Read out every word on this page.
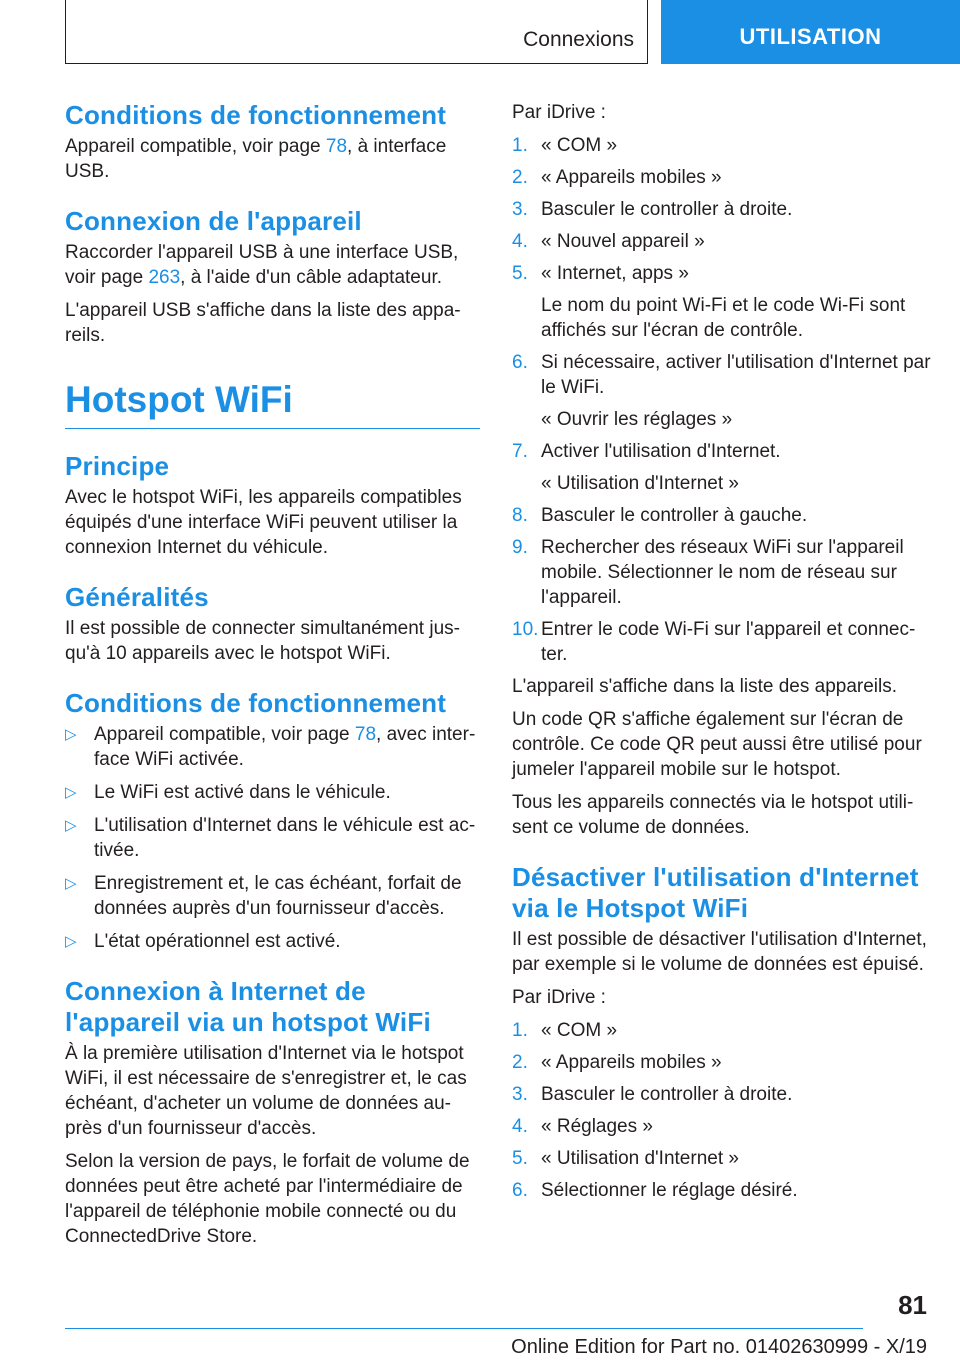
Connexions	UTILISATION
Conditions de fonctionnement

Appareil compatible, voir page 78, à interface USB.

Connexion de l'appareil

Raccorder l'appareil USB à une interface USB, voir page 263, à l'aide d'un câble adaptateur.

L'appareil USB s'affiche dans la liste des appa-reils.

Hotspot WiFi
Principe

Avec le hotspot WiFi, les appareils compatibles équipés d'une interface WiFi peuvent utiliser la connexion Internet du véhicule.

Généralités

Il est possible de connecter simultanément jus-qu'à 10 appareils avec le hotspot WiFi.

Conditions de fonctionnement
▷ Appareil compatible, voir page 78, avec inter-face WiFi activée.
▷ Le WiFi est activé dans le véhicule.
▷ L'utilisation d'Internet dans le véhicule est ac-tivée.
▷ Enregistrement et, le cas échéant, forfait de données auprès d'un fournisseur d'accès.
▷ L'état opérationnel est activé.
Connexion à Internet de l'appareil via un hotspot WiFi

À la première utilisation d'Internet via le hotspot WiFi, il est nécessaire de s'enregistrer et, le cas échéant, d'acheter un volume de données au-près d'un fournisseur d'accès.

Selon la version de pays, le forfait de volume de données peut être acheté par l'intermédiaire de l'appareil de téléphonie mobile connecté ou du ConnectedDrive Store.

Par iDrive :

1. « COM »
2. « Appareils mobiles »
3. Basculer le controller à droite.
4. « Nouvel appareil »
5. « Internet, apps »
Le nom du point Wi-Fi et le code Wi-Fi sont affichés sur l'écran de contrôle.
6. Si nécessaire, activer l'utilisation d'Internet par le WiFi.
« Ouvrir les réglages »
7. Activer l'utilisation d'Internet.
« Utilisation d'Internet »
8. Basculer le controller à gauche.
9. Rechercher des réseaux WiFi sur l'appareil mobile. Sélectionner le nom de réseau sur l'appareil.
10. Entrer le code Wi-Fi sur l'appareil et connec-ter.

L'appareil s'affiche dans la liste des appareils.

Un code QR s'affiche également sur l'écran de contrôle. Ce code QR peut aussi être utilisé pour jumeler l'appareil mobile sur le hotspot.

Tous les appareils connectés via le hotspot utili-sent ce volume de données.

Désactiver l'utilisation d'Internet via le Hotspot WiFi

Il est possible de désactiver l'utilisation d'Internet, par exemple si le volume de données est épuisé.

Par iDrive :

1. « COM »
2. « Appareils mobiles »
3. Basculer le controller à droite.
4. « Réglages »
5. « Utilisation d'Internet »
6. Sélectionner le réglage désiré.
81
Online Edition for Part no. 01402630999 - X/19
